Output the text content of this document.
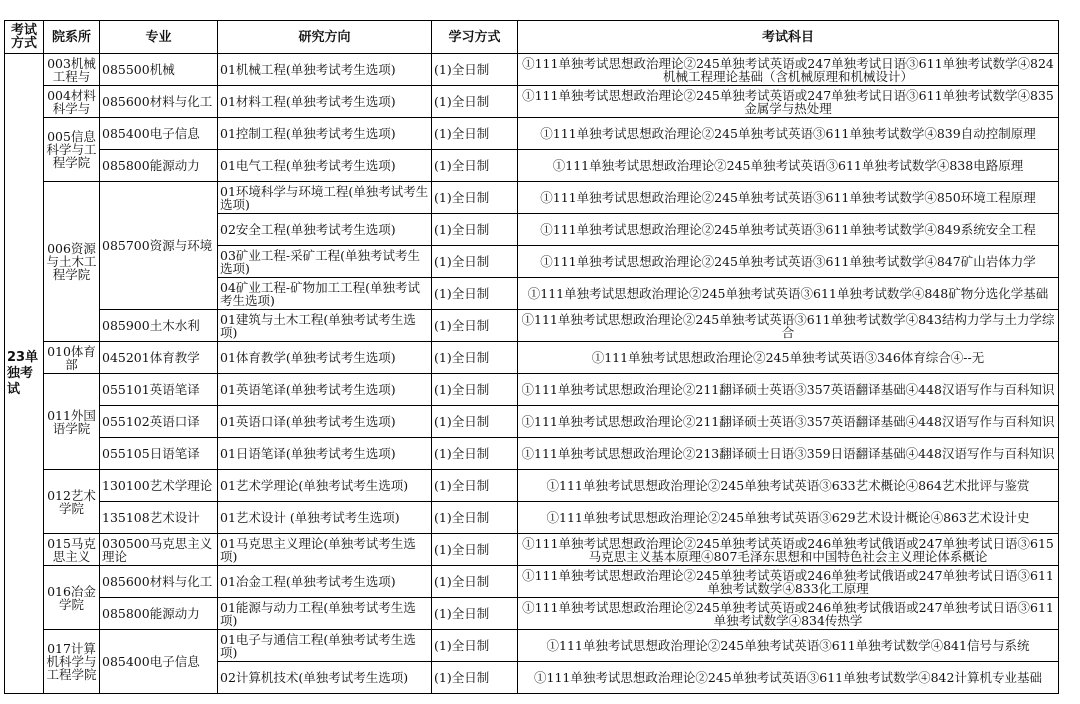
考试方式	院系所	专业	研究方向	学习方式	考试科目
23单独考试	003机械工程与	085500机械	01机械工程(单独考试考生选项)	(1)全日制	①111单独考试思想政治理论②245单独考试英语或247单独考试日语③611单独考试数学④824机械工程理论基础（含机械原理和机械设计）
	004材料科学与	085600材料与化工	01材料工程(单独考试考生选项)	(1)全日制	①111单独考试思想政治理论②245单独考试英语或247单独考试日语③611单独考试数学④835金属学与热处理
	005信息科学与工程学院	085400电子信息	01控制工程(单独考试考生选项)	(1)全日制	①111单独考试思想政治理论②245单独考试英语③611单独考试数学④839自动控制原理
		085800能源动力	01电气工程(单独考试考生选项)	(1)全日制	①111单独考试思想政治理论②245单独考试英语③611单独考试数学④838电路原理
	006资源与土木工程学院	085700资源与环境	01环境科学与环境工程(单独考试考生选项)	(1)全日制	①111单独考试思想政治理论②245单独考试英语③611单独考试数学④850环境工程原理
			02安全工程(单独考试考生选项)	(1)全日制	①111单独考试思想政治理论②245单独考试英语③611单独考试数学④849系统安全工程
			03矿业工程-采矿工程(单独考试考生选项)	(1)全日制	①111单独考试思想政治理论②245单独考试英语③611单独考试数学④847矿山岩体力学
			04矿业工程-矿物加工工程(单独考试考生选项)	(1)全日制	①111单独考试思想政治理论②245单独考试英语③611单独考试数学④848矿物分选化学基础
		085900土木水利	01建筑与土木工程(单独考试考生选项)	(1)全日制	①111单独考试思想政治理论②245单独考试英语③611单独考试数学④843结构力学与土力学综合
	010体育部	045201体育教学	01体育教学(单独考试考生选项)	(1)全日制	①111单独考试思想政治理论②245单独考试英语③346体育综合④--无
	011外国语学院	055101英语笔译	01英语笔译(单独考试考生选项)	(1)全日制	①111单独考试思想政治理论②211翻译硕士英语③357英语翻译基础④448汉语写作与百科知识
		055102英语口译	01英语口译(单独考试考生选项)	(1)全日制	①111单独考试思想政治理论②211翻译硕士英语③357英语翻译基础④448汉语写作与百科知识
		055105日语笔译	01日语笔译(单独考试考生选项)	(1)全日制	①111单独考试思想政治理论②213翻译硕士日语③359日语翻译基础④448汉语写作与百科知识
	012艺术学院	130100艺术学理论	01艺术学理论(单独考试考生选项)	(1)全日制	①111单独考试思想政治理论②245单独考试英语③633艺术概论④864艺术批评与鉴赏
		135108艺术设计	01艺术设计 (单独考试考生选项)	(1)全日制	①111单独考试思想政治理论②245单独考试英语③629艺术设计概论④863艺术设计史
	015马克思主义	030500马克思主义理论	01马克思主义理论(单独考试考生选项)	(1)全日制	①111单独考试思想政治理论②245单独考试英语或246单独考试俄语或247单独考试日语③615马克思主义基本原理④807毛泽东思想和中国特色社会主义理论体系概论
	016冶金学院	085600材料与化工	01冶金工程(单独考试考生选项)	(1)全日制	①111单独考试思想政治理论②245单独考试英语或246单独考试俄语或247单独考试日语③611单独考试数学④833化工原理
		085800能源动力	01能源与动力工程(单独考试考生选项)	(1)全日制	①111单独考试思想政治理论②245单独考试英语或246单独考试俄语或247单独考试日语③611单独考试数学④834传热学
	017计算机科学与工程学院	085400电子信息	01电子与通信工程(单独考试考生选项)	(1)全日制	①111单独考试思想政治理论②245单独考试英语③611单独考试数学④841信号与系统
			02计算机技术(单独考试考生选项)	(1)全日制	①111单独考试思想政治理论②245单独考试英语③611单独考试数学④842计算机专业基础
